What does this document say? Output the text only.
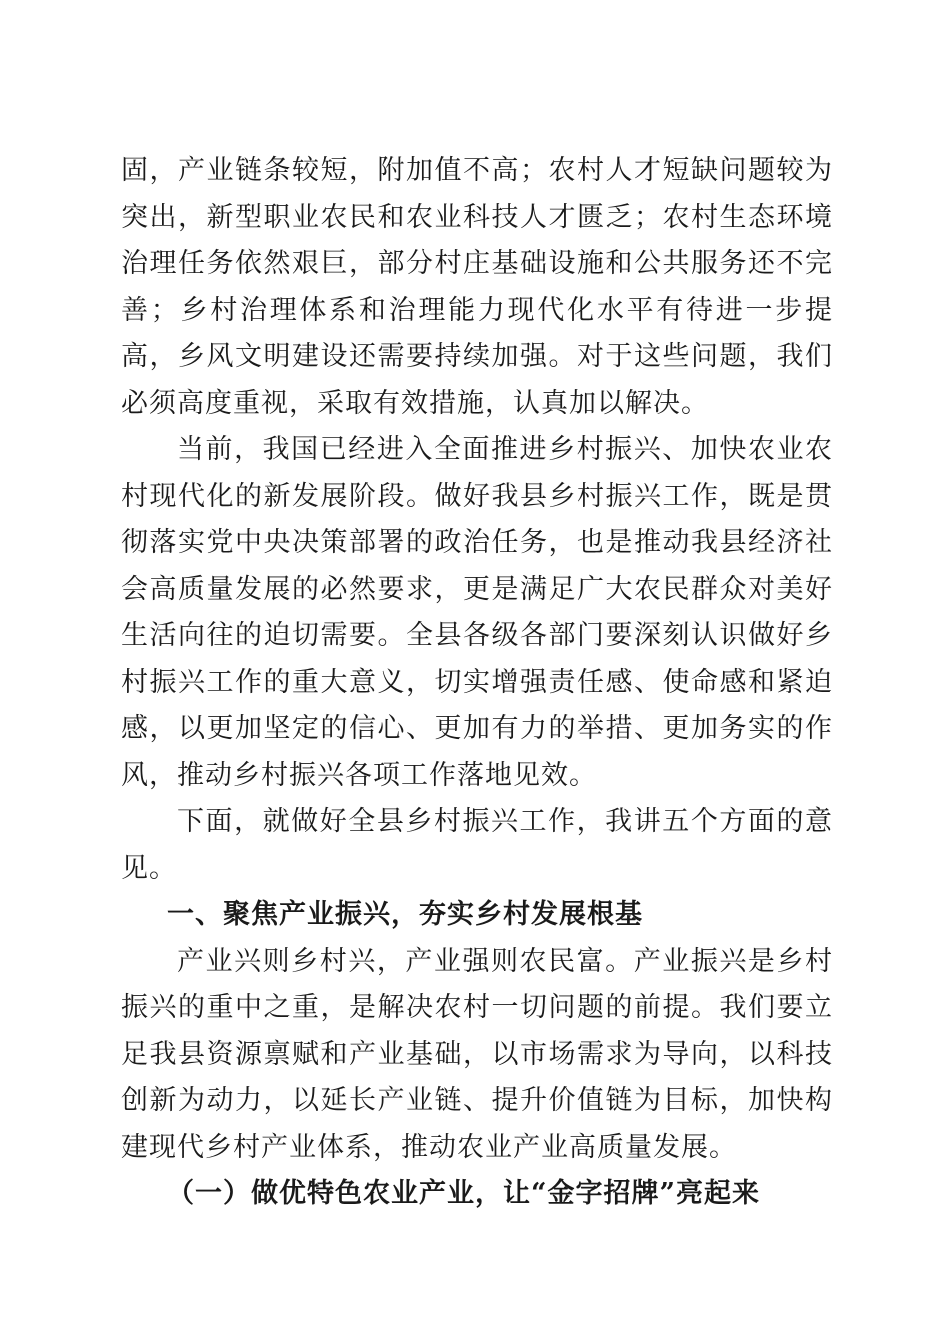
固，产业链条较短，附加值不高；农村人才短缺问题较为突出，新型职业农民和农业科技人才匮乏；农村生态环境治理任务依然艰巨，部分村庄基础设施和公共服务还不完善；乡村治理体系和治理能力现代化水平有待进一步提高，乡风文明建设还需要持续加强。对于这些问题，我们必须高度重视，采取有效措施，认真加以解决。

当前，我国已经进入全面推进乡村振兴、加快农业农村现代化的新发展阶段。做好我县乡村振兴工作，既是贯彻落实党中央决策部署的政治任务，也是推动我县经济社会高质量发展的必然要求，更是满足广大农民群众对美好生活向往的迫切需要。全县各级各部门要深刻认识做好乡村振兴工作的重大意义，切实增强责任感、使命感和紧迫感，以更加坚定的信心、更加有力的举措、更加务实的作风，推动乡村振兴各项工作落地见效。

下面，就做好全县乡村振兴工作，我讲五个方面的意见。

一、聚焦产业振兴，夯实乡村发展根基

产业兴则乡村兴，产业强则农民富。产业振兴是乡村振兴的重中之重，是解决农村一切问题的前提。我们要立足我县资源禀赋和产业基础，以市场需求为导向，以科技创新为动力，以延长产业链、提升价值链为目标，加快构建现代乡村产业体系，推动农业产业高质量发展。

（一）做优特色农业产业，让“金字招牌”亮起来
